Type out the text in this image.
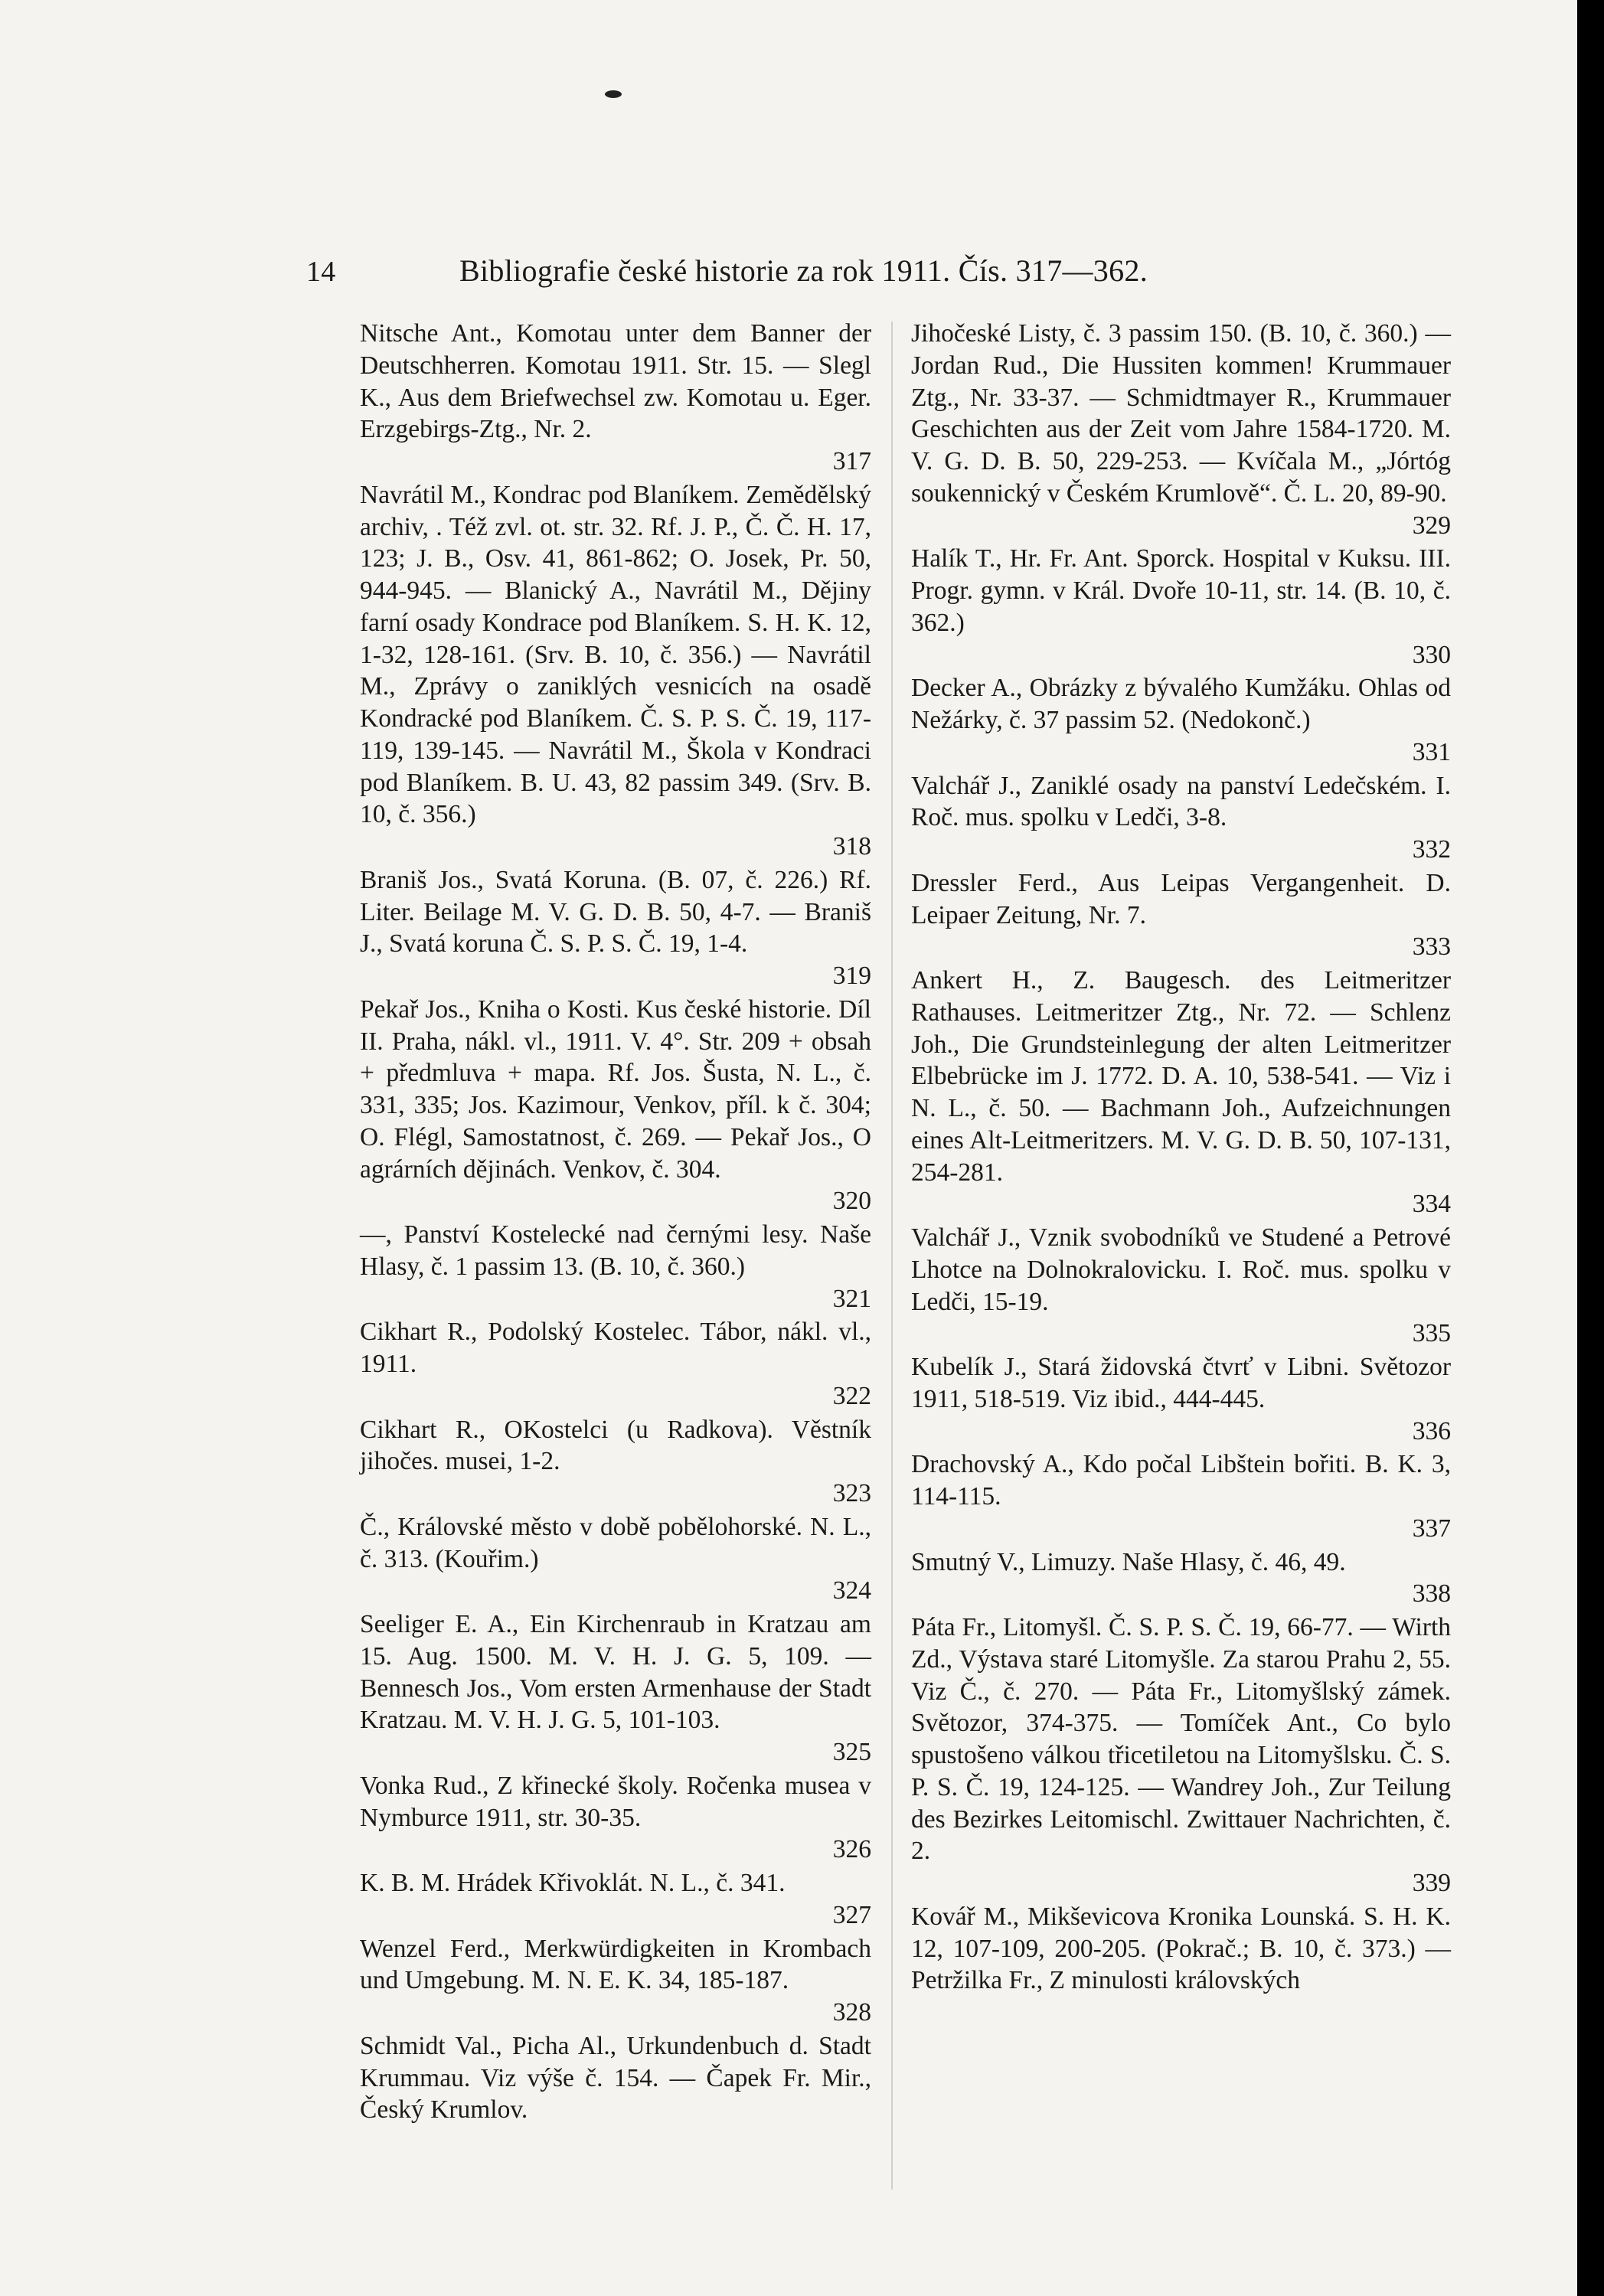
14	Bibliografie české historie za rok 1911. Čís. 317—362.

Nitsche Ant., Komotau unter dem Banner der Deutschherren. Komotau 1911. Str. 15. — Slegl K., Aus dem Briefwechsel zw. Komotau u. Eger. Erzgebirgs-Ztg., Nr. 2.

317

Navrátil M., Kondrac pod Blaníkem. Zemědělský archiv, . Též zvl. ot. str. 32. Rf. J. P., Č. Č. H. 17, 123; J. B., Osv. 41, 861-862; O. Josek, Pr. 50, 944-945. — Blanický A., Navrátil M., Dějiny farní osady Kondrace pod Blaníkem. S. H. K. 12, 1-32, 128-161. (Srv. B. 10, č. 356.) — Navrátil M., Zprávy o zaniklých vesnicích na osadě Kondracké pod Blaníkem. Č. S. P. S. Č. 19, 117-119, 139-145. — Navrátil M., Škola v Kondraci pod Blaníkem. B. U. 43, 82 passim 349. (Srv. B. 10, č. 356.)

318

Braniš Jos., Svatá Koruna. (B. 07, č. 226.) Rf. Liter. Beilage M. V. G. D. B. 50, 4-7. — Braniš J., Svatá koruna Č. S. P. S. Č. 19, 1-4.

319

Pekař Jos., Kniha o Kosti. Kus české historie. Díl II. Praha, nákl. vl., 1911. V. 4°. Str. 209 + obsah + předmluva + mapa. Rf. Jos. Šusta, N. L., č. 331, 335; Jos. Kazimour, Venkov, příl. k č. 304; O. Flégl, Samostatnost, č. 269. — Pekař Jos., O agrárních dějinách. Venkov, č. 304.

320

—, Panství Kostelecké nad černými lesy. Naše Hlasy, č. 1 passim 13. (B. 10, č. 360.)

321

Cikhart R., Podolský Kostelec. Tábor, nákl. vl., 1911.

322

Cikhart R., OKostelci (u Radkova). Věstník jihočes. musei, 1-2.

323

Č., Královské město v době pobělohorské. N. L., č. 313. (Kouřim.)

324

Seeliger E. A., Ein Kirchenraub in Kratzau am 15. Aug. 1500. M. V. H. J. G. 5, 109. — Bennesch Jos., Vom ersten Armenhause der Stadt Kratzau. M. V. H. J. G. 5, 101-103.

325

Vonka Rud., Z křinecké školy. Ročenka musea v Nymburce 1911, str. 30-35.

326

K. B. M. Hrádek Křivoklát. N. L., č. 341.

327

Wenzel Ferd., Merkwürdigkeiten in Krombach und Umgebung. M. N. E. K. 34, 185-187.

328

Schmidt Val., Picha Al., Urkundenbuch d. Stadt Krummau. Viz výše č. 154. — Čapek Fr. Mir., Český Krumlov.

Jihočeské Listy, č. 3 passim 150. (B. 10, č. 360.) — Jordan Rud., Die Hussiten kommen! Krummauer Ztg., Nr. 33-37. — Schmidtmayer R., Krummauer Geschichten aus der Zeit vom Jahre 1584-1720. M. V. G. D. B. 50, 229-253. — Kvíčala M., „Jórtóg soukennický v Českém Krumlově“. Č. L. 20, 89-90.

329

Halík T., Hr. Fr. Ant. Sporck. Hospital v Kuksu. III. Progr. gymn. v Král. Dvoře 10-11, str. 14. (B. 10, č. 362.)

330

Decker A., Obrázky z bývalého Kumžáku. Ohlas od Nežárky, č. 37 passim 52. (Nedokonč.)

331

Valchář J., Zaniklé osady na panství Ledečském. I. Roč. mus. spolku v Ledči, 3-8.

332

Dressler Ferd., Aus Leipas Vergangenheit. D. Leipaer Zeitung, Nr. 7.

333

Ankert H., Z. Baugesch. des Leitmeritzer Rathauses. Leitmeritzer Ztg., Nr. 72. — Schlenz Joh., Die Grundsteinlegung der alten Leitmeritzer Elbebrücke im J. 1772. D. A. 10, 538-541. — Viz i N. L., č. 50. — Bachmann Joh., Aufzeichnungen eines Alt-Leitmeritzers. M. V. G. D. B. 50, 107-131, 254-281.

334

Valchář J., Vznik svobodníků ve Studené a Petrové Lhotce na Dolnokralovicku. I. Roč. mus. spolku v Ledči, 15-19.

335

Kubelík J., Stará židovská čtvrť v Libni. Světozor 1911, 518-519. Viz ibid., 444-445.

336

Drachovský A., Kdo počal Libštein bořiti. B. K. 3, 114-115.

337

Smutný V., Limuzy. Naše Hlasy, č. 46, 49.

338

Páta Fr., Litomyšl. Č. S. P. S. Č. 19, 66-77. — Wirth Zd., Výstava staré Litomyšle. Za starou Prahu 2, 55. Viz Č., č. 270. — Páta Fr., Litomyšlský zámek. Světozor, 374-375. — Tomíček Ant., Co bylo spustošeno válkou třicetiletou na Litomyšlsku. Č. S. P. S. Č. 19, 124-125. — Wandrey Joh., Zur Teilung des Bezirkes Leitomischl. Zwittauer Nachrichten, č. 2.

339

Kovář M., Mikševicova Kronika Lounská. S. H. K. 12, 107-109, 200-205. (Pokrač.; B. 10, č. 373.) — Petržilka Fr., Z minulosti královských
